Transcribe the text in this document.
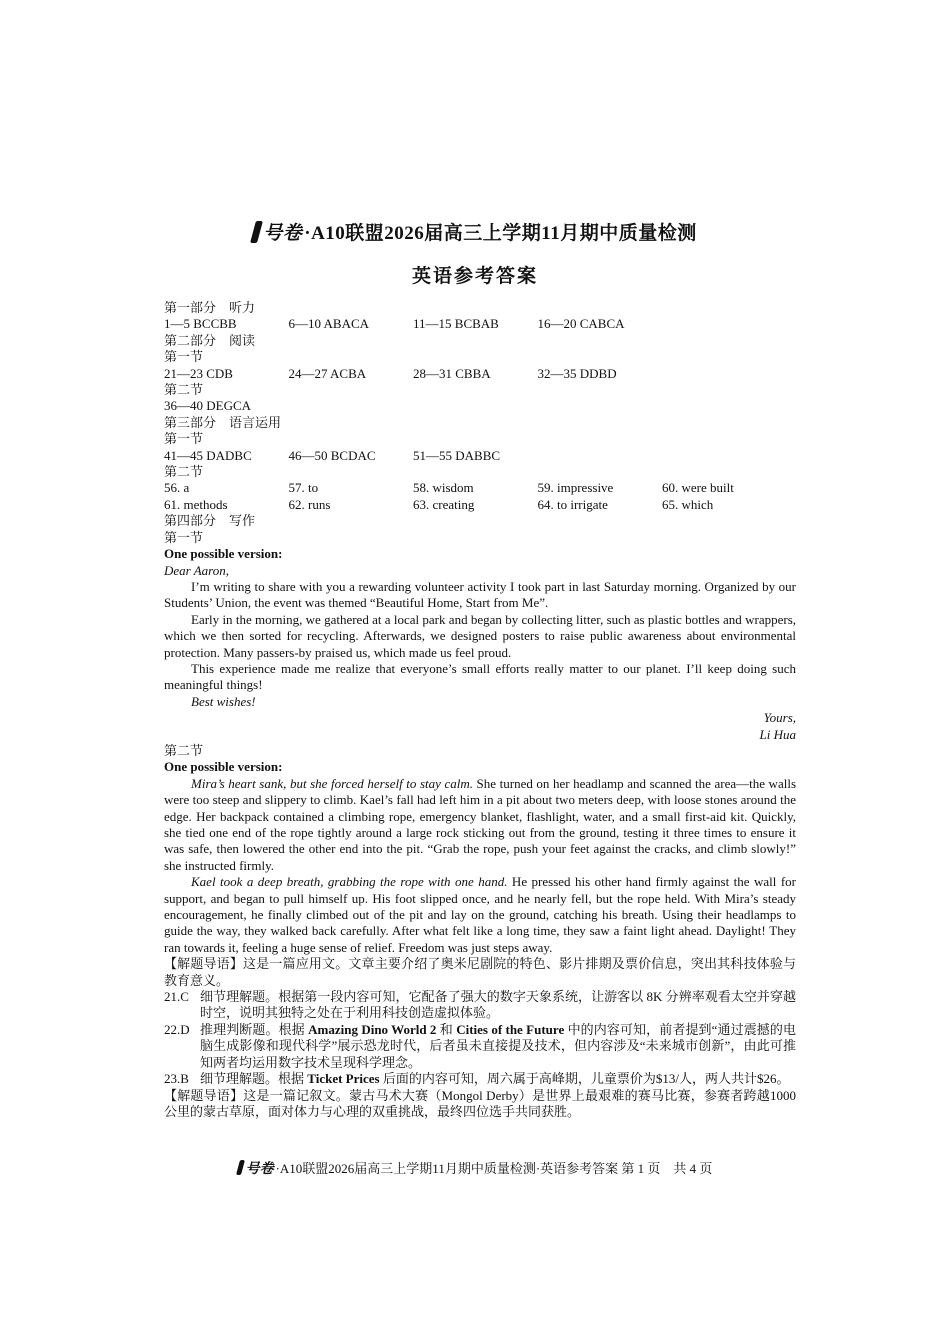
号卷 ·A10联盟2026届高三上学期11月期中质量检测
英语参考答案
第一部分　听力
1—5 BCCBB	6—10 ABACA	11—15 BCBAB	16—20 CABCA
第二部分　阅读
第一节
21—23 CDB	24—27 ACBA	28—31 CBBA	32—35 DDBD
第二节
36—40 DEGCA
第三部分　语言运用
第一节
41—45 DADBC	46—50 BCDAC	51—55 DABBC
第二节
56. a	57. to	58. wisdom	59. impressive	60. were built
61. methods	62. runs	63. creating	64. to irrigate	65. which
第四部分　写作
第一节
One possible version:
Dear Aaron,

I’m writing to share with you a rewarding volunteer activity I took part in last Saturday morning. Organized by our Students’ Union, the event was themed “Beautiful Home, Start from Me”.

Early in the morning, we gathered at a local park and began by collecting litter, such as plastic bottles and wrappers, which we then sorted for recycling. Afterwards, we designed posters to raise public awareness about environmental protection. Many passers-by praised us, which made us feel proud.

This experience made me realize that everyone’s small efforts really matter to our planet. I’ll keep doing such meaningful things!

Best wishes!

Yours,
Li Hua
第二节
One possible version:

Mira’s heart sank, but she forced herself to stay calm. She turned on her headlamp and scanned the area—the walls were too steep and slippery to climb. Kael’s fall had left him in a pit about two meters deep, with loose stones around the edge. Her backpack contained a climbing rope, emergency blanket, flashlight, water, and a small first-aid kit. Quickly, she tied one end of the rope tightly around a large rock sticking out from the ground, testing it three times to ensure it was safe, then lowered the other end into the pit. “Grab the rope, push your feet against the cracks, and climb slowly!” she instructed firmly.

Kael took a deep breath, grabbing the rope with one hand. He pressed his other hand firmly against the wall for support, and began to pull himself up. His foot slipped once, and he nearly fell, but the rope held. With Mira’s steady encouragement, he finally climbed out of the pit and lay on the ground, catching his breath. Using their headlamps to guide the way, they walked back carefully. After what felt like a long time, they saw a faint light ahead. Daylight! They ran towards it, feeling a huge sense of relief. Freedom was just steps away.

【解题导语】这是一篇应用文。文章主要介绍了奥米尼剧院的特色、影片排期及票价信息，突出其科技体验与教育意义。
21.C 细节理解题。根据第一段内容可知，它配备了强大的数字天象系统，让游客以 8K 分辨率观看太空并穿越时空，说明其独特之处在于利用科技创造虚拟体验。
22.D 推理判断题。根据 Amazing Dino World 2 和 Cities of the Future 中的内容可知，前者提到“通过震撼的电脑生成影像和现代科学”展示恐龙时代，后者虽未直接提及技术，但内容涉及“未来城市创新”，由此可推知两者均运用数字技术呈现科学理念。
23.B 细节理解题。根据 Ticket Prices 后面的内容可知，周六属于高峰期，儿童票价为$13/人，两人共计$26。
【解题导语】这是一篇记叙文。蒙古马术大赛（Mongol Derby）是世界上最艰难的赛马比赛，参赛者跨越1000 公里的蒙古草原，面对体力与心理的双重挑战，最终四位选手共同获胜。
号卷 ·A10联盟2026届高三上学期11月期中质量检测·英语参考答案 第 1 页　共 4 页
